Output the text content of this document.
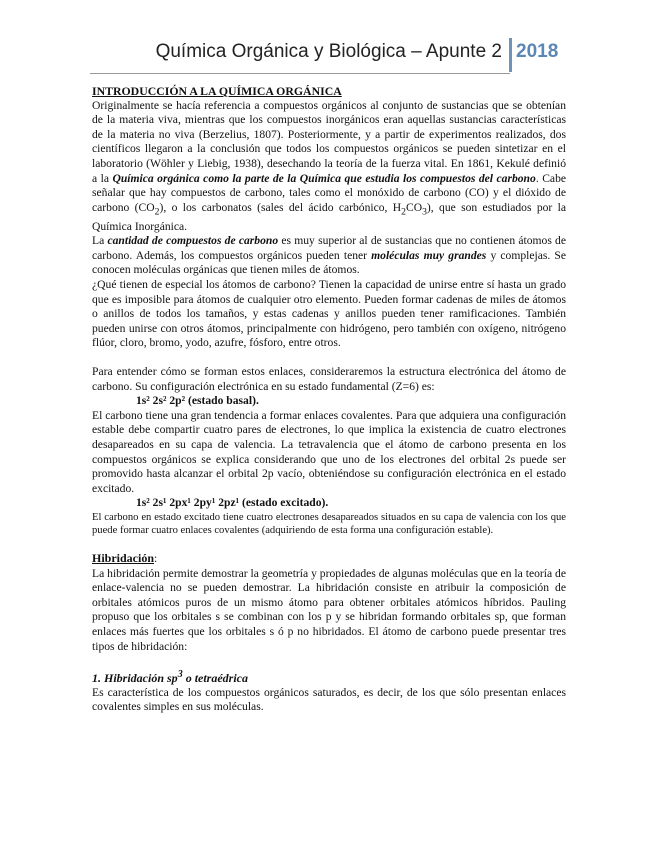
Química Orgánica y Biológica – Apunte 2 2018

INTRODUCCIÓN A LA QUÍMICA ORGÁNICA

Originalmente se hacía referencia a compuestos orgánicos al conjunto de sustancias que se obtenían de la materia viva, mientras que los compuestos inorgánicos eran aquellas sustancias características de la materia no viva (Berzelius, 1807). Posteriormente, y a partir de experimentos realizados, dos científicos llegaron a la conclusión que todos los compuestos orgánicos se pueden sintetizar en el laboratorio (Wöhler y Liebig, 1938), desechando la teoría de la fuerza vital. En 1861, Kekulé definió a la Química orgánica como la parte de la Química que estudia los compuestos del carbono. Cabe señalar que hay compuestos de carbono, tales como el monóxido de carbono (CO) y el dióxido de carbono $(CO_2)$, o los carbonatos (sales del ácido carbónico, $H_2CO_3$), que son estudiados por la Química Inorgánica.

La cantidad de compuestos de carbono es muy superior al de sustancias que no contienen átomos de carbono. Además, los compuestos orgánicos pueden tener moléculas muy grandes y complejas. Se conocen moléculas orgánicas que tienen miles de átomos.

¿Qué tienen de especial los átomos de carbono? Tienen la capacidad de unirse entre sí hasta un grado que es imposible para átomos de cualquier otro elemento. Pueden formar cadenas de miles de átomos o anillos de todos los tamaños, y estas cadenas y anillos pueden tener ramificaciones. También pueden unirse con otros átomos, principalmente con hidrógeno, pero también con oxígeno, nitrógeno flúor, cloro, bromo, yodo, azufre, fósforo, entre otros.

Para entender cómo se forman estos enlaces, consideraremos la estructura electrónica del átomo de carbono. Su configuración electrónica en su estado fundamental (Z=6) es:

1s² 2s² 2p² (estado basal).

El carbono tiene una gran tendencia a formar enlaces covalentes. Para que adquiera una configuración estable debe compartir cuatro pares de electrones, lo que implica la existencia de cuatro electrones desapareados en su capa de valencia. La tetravalencia que el átomo de carbono presenta en los compuestos orgánicos se explica considerando que uno de los electrones del orbital 2s puede ser promovido hasta alcanzar el orbital 2p vacío, obteniéndose su configuración electrónica en el estado excitado.

1s² 2s¹ 2px¹ 2py¹ 2pz¹ (estado excitado).

El carbono en estado excitado tiene cuatro electrones desapareados situados en su capa de valencia con los que puede formar cuatro enlaces covalentes (adquiriendo de esta forma una configuración estable).

Hibridación:

La hibridación permite demostrar la geometría y propiedades de algunas moléculas que en la teoría de enlace-valencia no se pueden demostrar. La hibridación consiste en atribuir la composición de orbitales atómicos puros de un mismo átomo para obtener orbitales atómicos híbridos. Pauling propuso que los orbitales s se combinan con los p y se hibridan formando orbitales sp, que forman enlaces más fuertes que los orbitales s ó p no hibridados. El átomo de carbono puede presentar tres tipos de hibridación:

1. Hibridación $sp^3$ o tetraédrica

Es característica de los compuestos orgánicos saturados, es decir, de los que sólo presentan enlaces covalentes simples en sus moléculas.
